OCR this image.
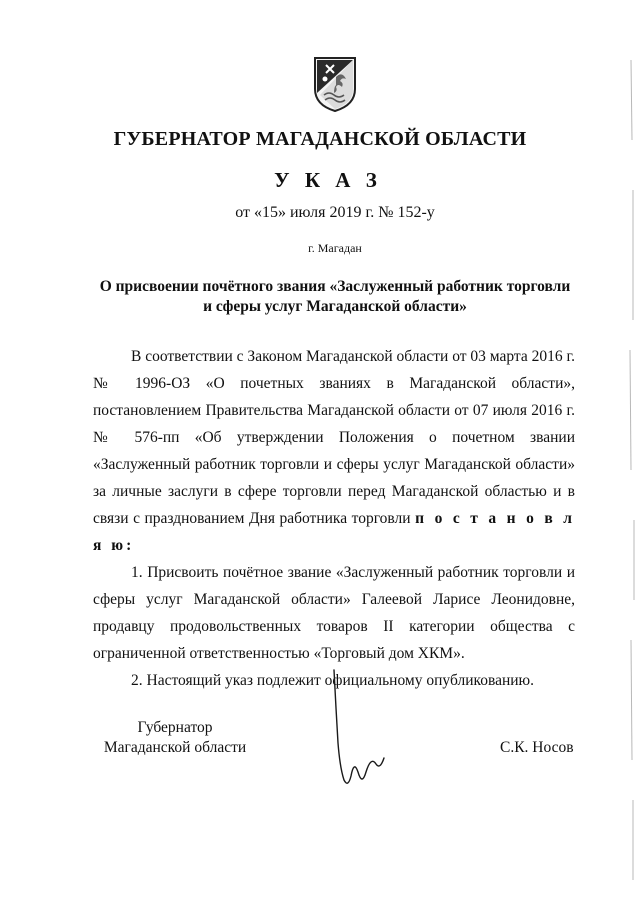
ГУБЕРНАТОР МАГАДАНСКОЙ ОБЛАСТИ
У К А З
от «15» июля 2019 г. № 152-у
г. Магадан
О присвоении почётного звания «Заслуженный работник торговли
и сферы услуг Магаданской области»

В соответствии с Законом Магаданской области от 03 марта 2016 г. № 1996-ОЗ «О почетных званиях в Магаданской области», постановлением Правительства Магаданской области от 07 июля 2016 г. № 576-пп «Об утверждении Положения о почетном звании «Заслуженный работник торговли и сферы услуг Магаданской области» за личные заслуги в сфере торговли перед Магаданской областью и в связи с празднованием Дня работника торговли п о с т а н о в л я ю:

1. Присвоить почётное звание «Заслуженный работник торговли и сферы услуг Магаданской области» Галеевой Ларисе Леонидовне, продавцу продовольственных товаров II категории общества с ограниченной ответственностью «Торговый дом ХКМ».

2. Настоящий указ подлежит официальному опубликованию.

Губернатор
Магаданской области	С.К. Носов
